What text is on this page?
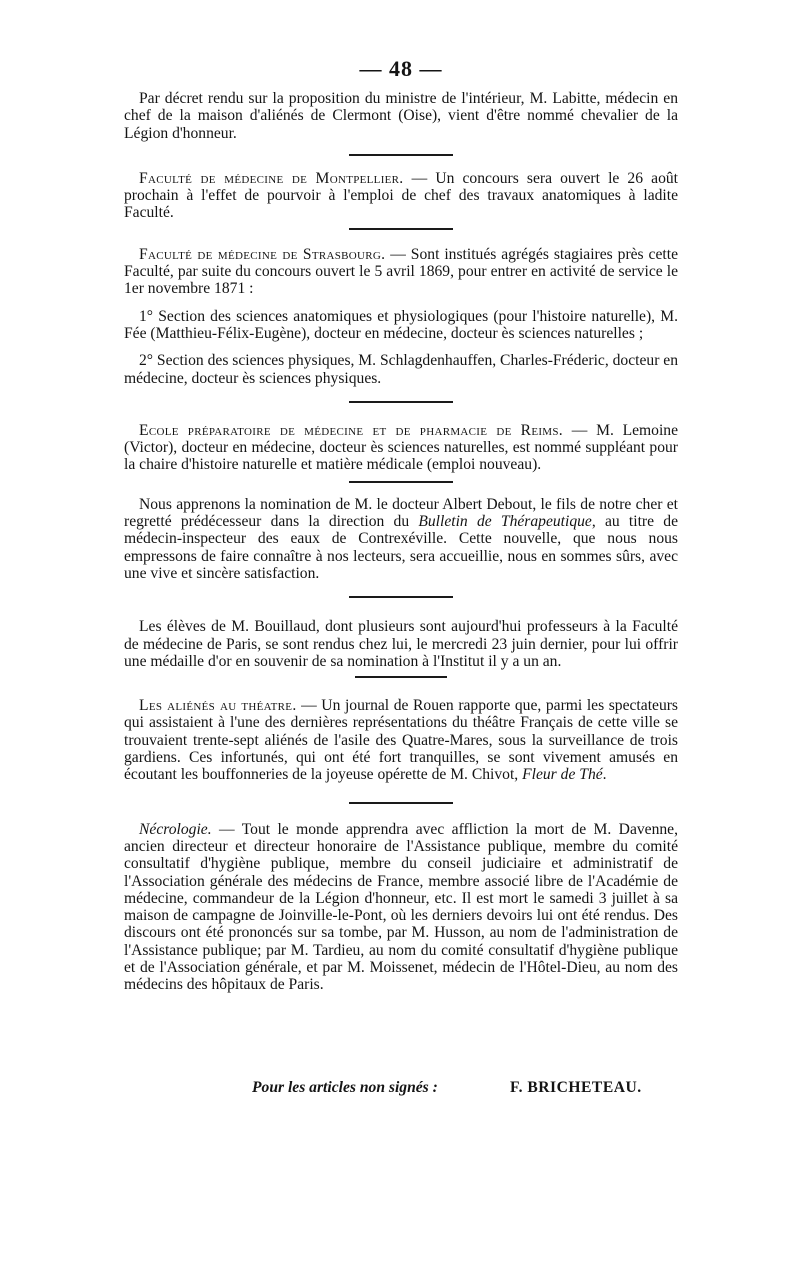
— 48 —

Par décret rendu sur la proposition du ministre de l'intérieur, M. Labitte, médecin en chef de la maison d'aliénés de Clermont (Oise), vient d'être nommé chevalier de la Légion d'honneur.

Faculté de médecine de Montpellier. — Un concours sera ouvert le 26 août prochain à l'effet de pourvoir à l'emploi de chef des travaux anatomiques à ladite Faculté.

Faculté de médecine de Strasbourg. — Sont institués agrégés stagiaires près cette Faculté, par suite du concours ouvert le 5 avril 1869, pour entrer en activité de service le 1er novembre 1871 :

1° Section des sciences anatomiques et physiologiques (pour l'histoire naturelle), M. Fée (Matthieu-Félix-Eugène), docteur en médecine, docteur ès sciences naturelles ;

2° Section des sciences physiques, M. Schlagdenhauffen, Charles-Fréderic, docteur en médecine, docteur ès sciences physiques.

Ecole préparatoire de médecine et de pharmacie de Reims. — M. Lemoine (Victor), docteur en médecine, docteur ès sciences naturelles, est nommé suppléant pour la chaire d'histoire naturelle et matière médicale (emploi nouveau).

Nous apprenons la nomination de M. le docteur Albert Debout, le fils de notre cher et regretté prédécesseur dans la direction du Bulletin de Thérapeutique, au titre de médecin-inspecteur des eaux de Contrexéville. Cette nouvelle, que nous nous empressons de faire connaître à nos lecteurs, sera accueillie, nous en sommes sûrs, avec une vive et sincère satisfaction.

Les élèves de M. Bouillaud, dont plusieurs sont aujourd'hui professeurs à la Faculté de médecine de Paris, se sont rendus chez lui, le mercredi 23 juin dernier, pour lui offrir une médaille d'or en souvenir de sa nomination à l'Institut il y a un an.

Les aliénés au théatre. — Un journal de Rouen rapporte que, parmi les spectateurs qui assistaient à l'une des dernières représentations du théâtre Français de cette ville se trouvaient trente-sept aliénés de l'asile des Quatre-Mares, sous la surveillance de trois gardiens. Ces infortunés, qui ont été fort tranquilles, se sont vivement amusés en écoutant les bouffonneries de la joyeuse opérette de M. Chivot, Fleur de Thé.

Nécrologie. — Tout le monde apprendra avec affliction la mort de M. Davenne, ancien directeur et directeur honoraire de l'Assistance publique, membre du comité consultatif d'hygiène publique, membre du conseil judiciaire et administratif de l'Association générale des médecins de France, membre associé libre de l'Académie de médecine, commandeur de la Légion d'honneur, etc. Il est mort le samedi 3 juillet à sa maison de campagne de Joinville-le-Pont, où les derniers devoirs lui ont été rendus. Des discours ont été prononcés sur sa tombe, par M. Husson, au nom de l'administration de l'Assistance publique; par M. Tardieu, au nom du comité consultatif d'hygiène publique et de l'Association générale, et par M. Moissenet, médecin de l'Hôtel-Dieu, au nom des médecins des hôpitaux de Paris.

Pour les articles non signés :	F. BRICHETEAU.
